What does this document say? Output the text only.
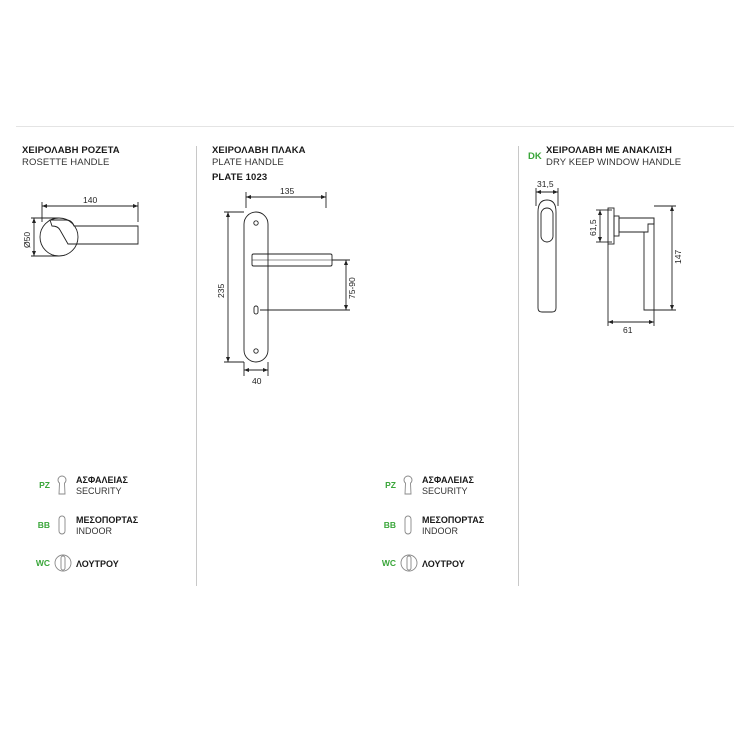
ΧΕΙΡΟΛΑΒΗ ΡΟΖΕΤΑ
ROSETTE HANDLE
140
Ø50
ΧΕΙΡΟΛΑΒΗ ΠΛΑΚΑ
PLATE HANDLE
PLATE 1023
135
235	75-90
40
DK
ΧΕΙΡΟΛΑΒΗ ΜΕ ΑΝΑΚΛΙΣΗ
DRY KEEP WINDOW HANDLE
31,5
61,5
147
61
PZ	ΑΣΦΑΛΕΙΑΣ
SECURITY
BB	ΜΕΣΟΠΟΡΤΑΣ
INDOOR
WC	ΛΟΥΤΡΟΥ
PZ	ΑΣΦΑΛΕΙΑΣ
SECURITY
BB	ΜΕΣΟΠΟΡΤΑΣ
INDOOR
WC	ΛΟΥΤΡΟΥ
